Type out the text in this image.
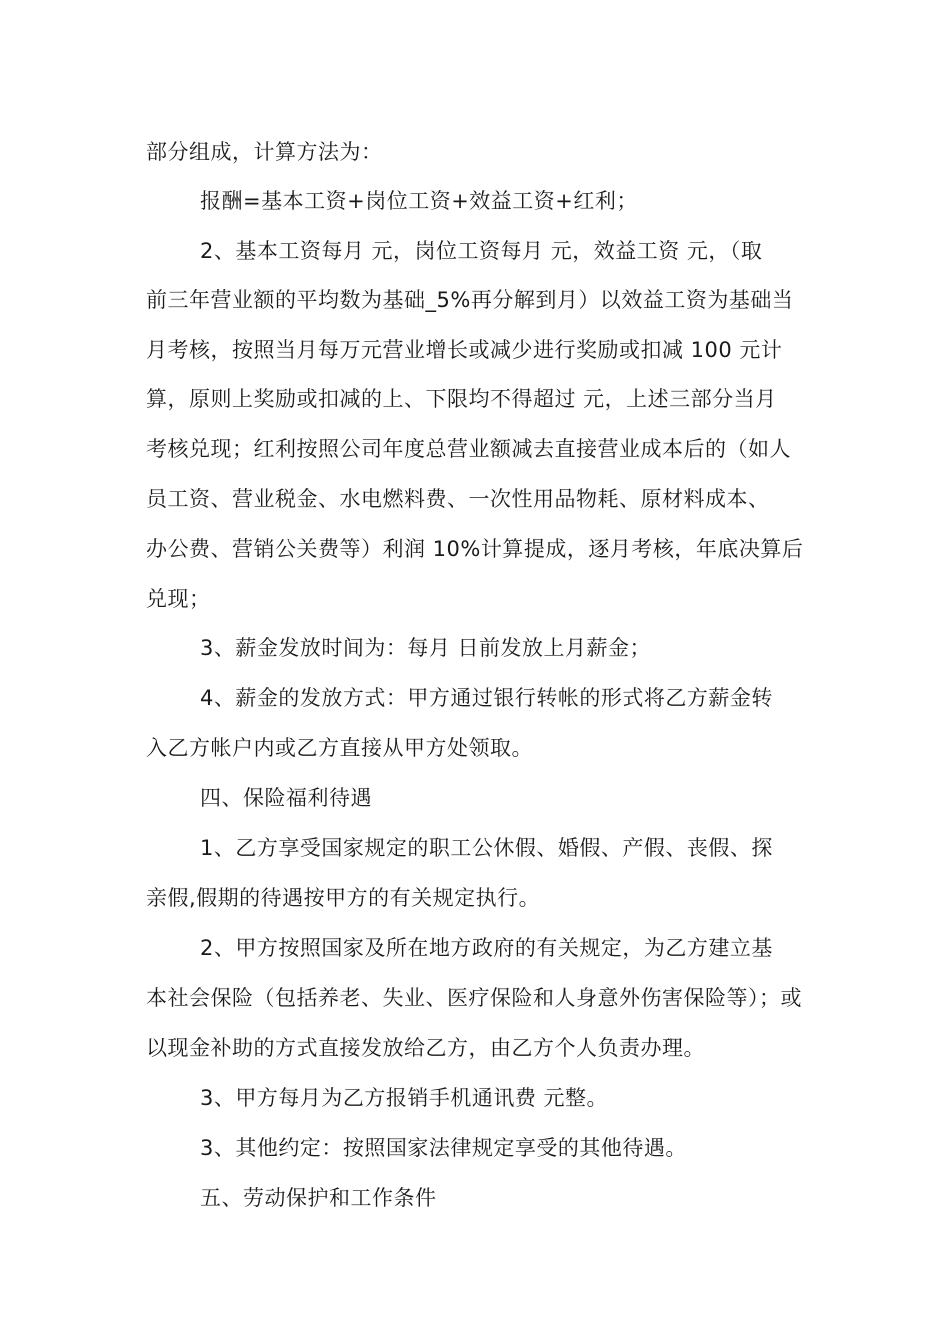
部分组成，计算方法为：
报酬=基本工资+岗位工资+效益工资+红利；
2、基本工资每月 元，岗位工资每月 元，效益工资 元，（取
前三年营业额的平均数为基础_5%再分解到月）以效益工资为基础当
月考核，按照当月每万元营业增长或减少进行奖励或扣减 100 元计
算，原则上奖励或扣减的上、下限均不得超过 元，上述三部分当月
考核兑现；红利按照公司年度总营业额减去直接营业成本后的（如人
员工资、营业税金、水电燃料费、一次性用品物耗、原材料成本、
办公费、营销公关费等）利润 10%计算提成，逐月考核，年底决算后
兑现；
3、薪金发放时间为：每月 日前发放上月薪金；
4、薪金的发放方式：甲方通过银行转帐的形式将乙方薪金转
入乙方帐户内或乙方直接从甲方处领取。
四、保险福利待遇
1、乙方享受国家规定的职工公休假、婚假、产假、丧假、探
亲假,假期的待遇按甲方的有关规定执行。
2、甲方按照国家及所在地方政府的有关规定，为乙方建立基
本社会保险（包括养老、失业、医疗保险和人身意外伤害保险等）；或
以现金补助的方式直接发放给乙方，由乙方个人负责办理。
3、甲方每月为乙方报销手机通讯费 元整。
3、其他约定：按照国家法律规定享受的其他待遇。
五、劳动保护和工作条件
